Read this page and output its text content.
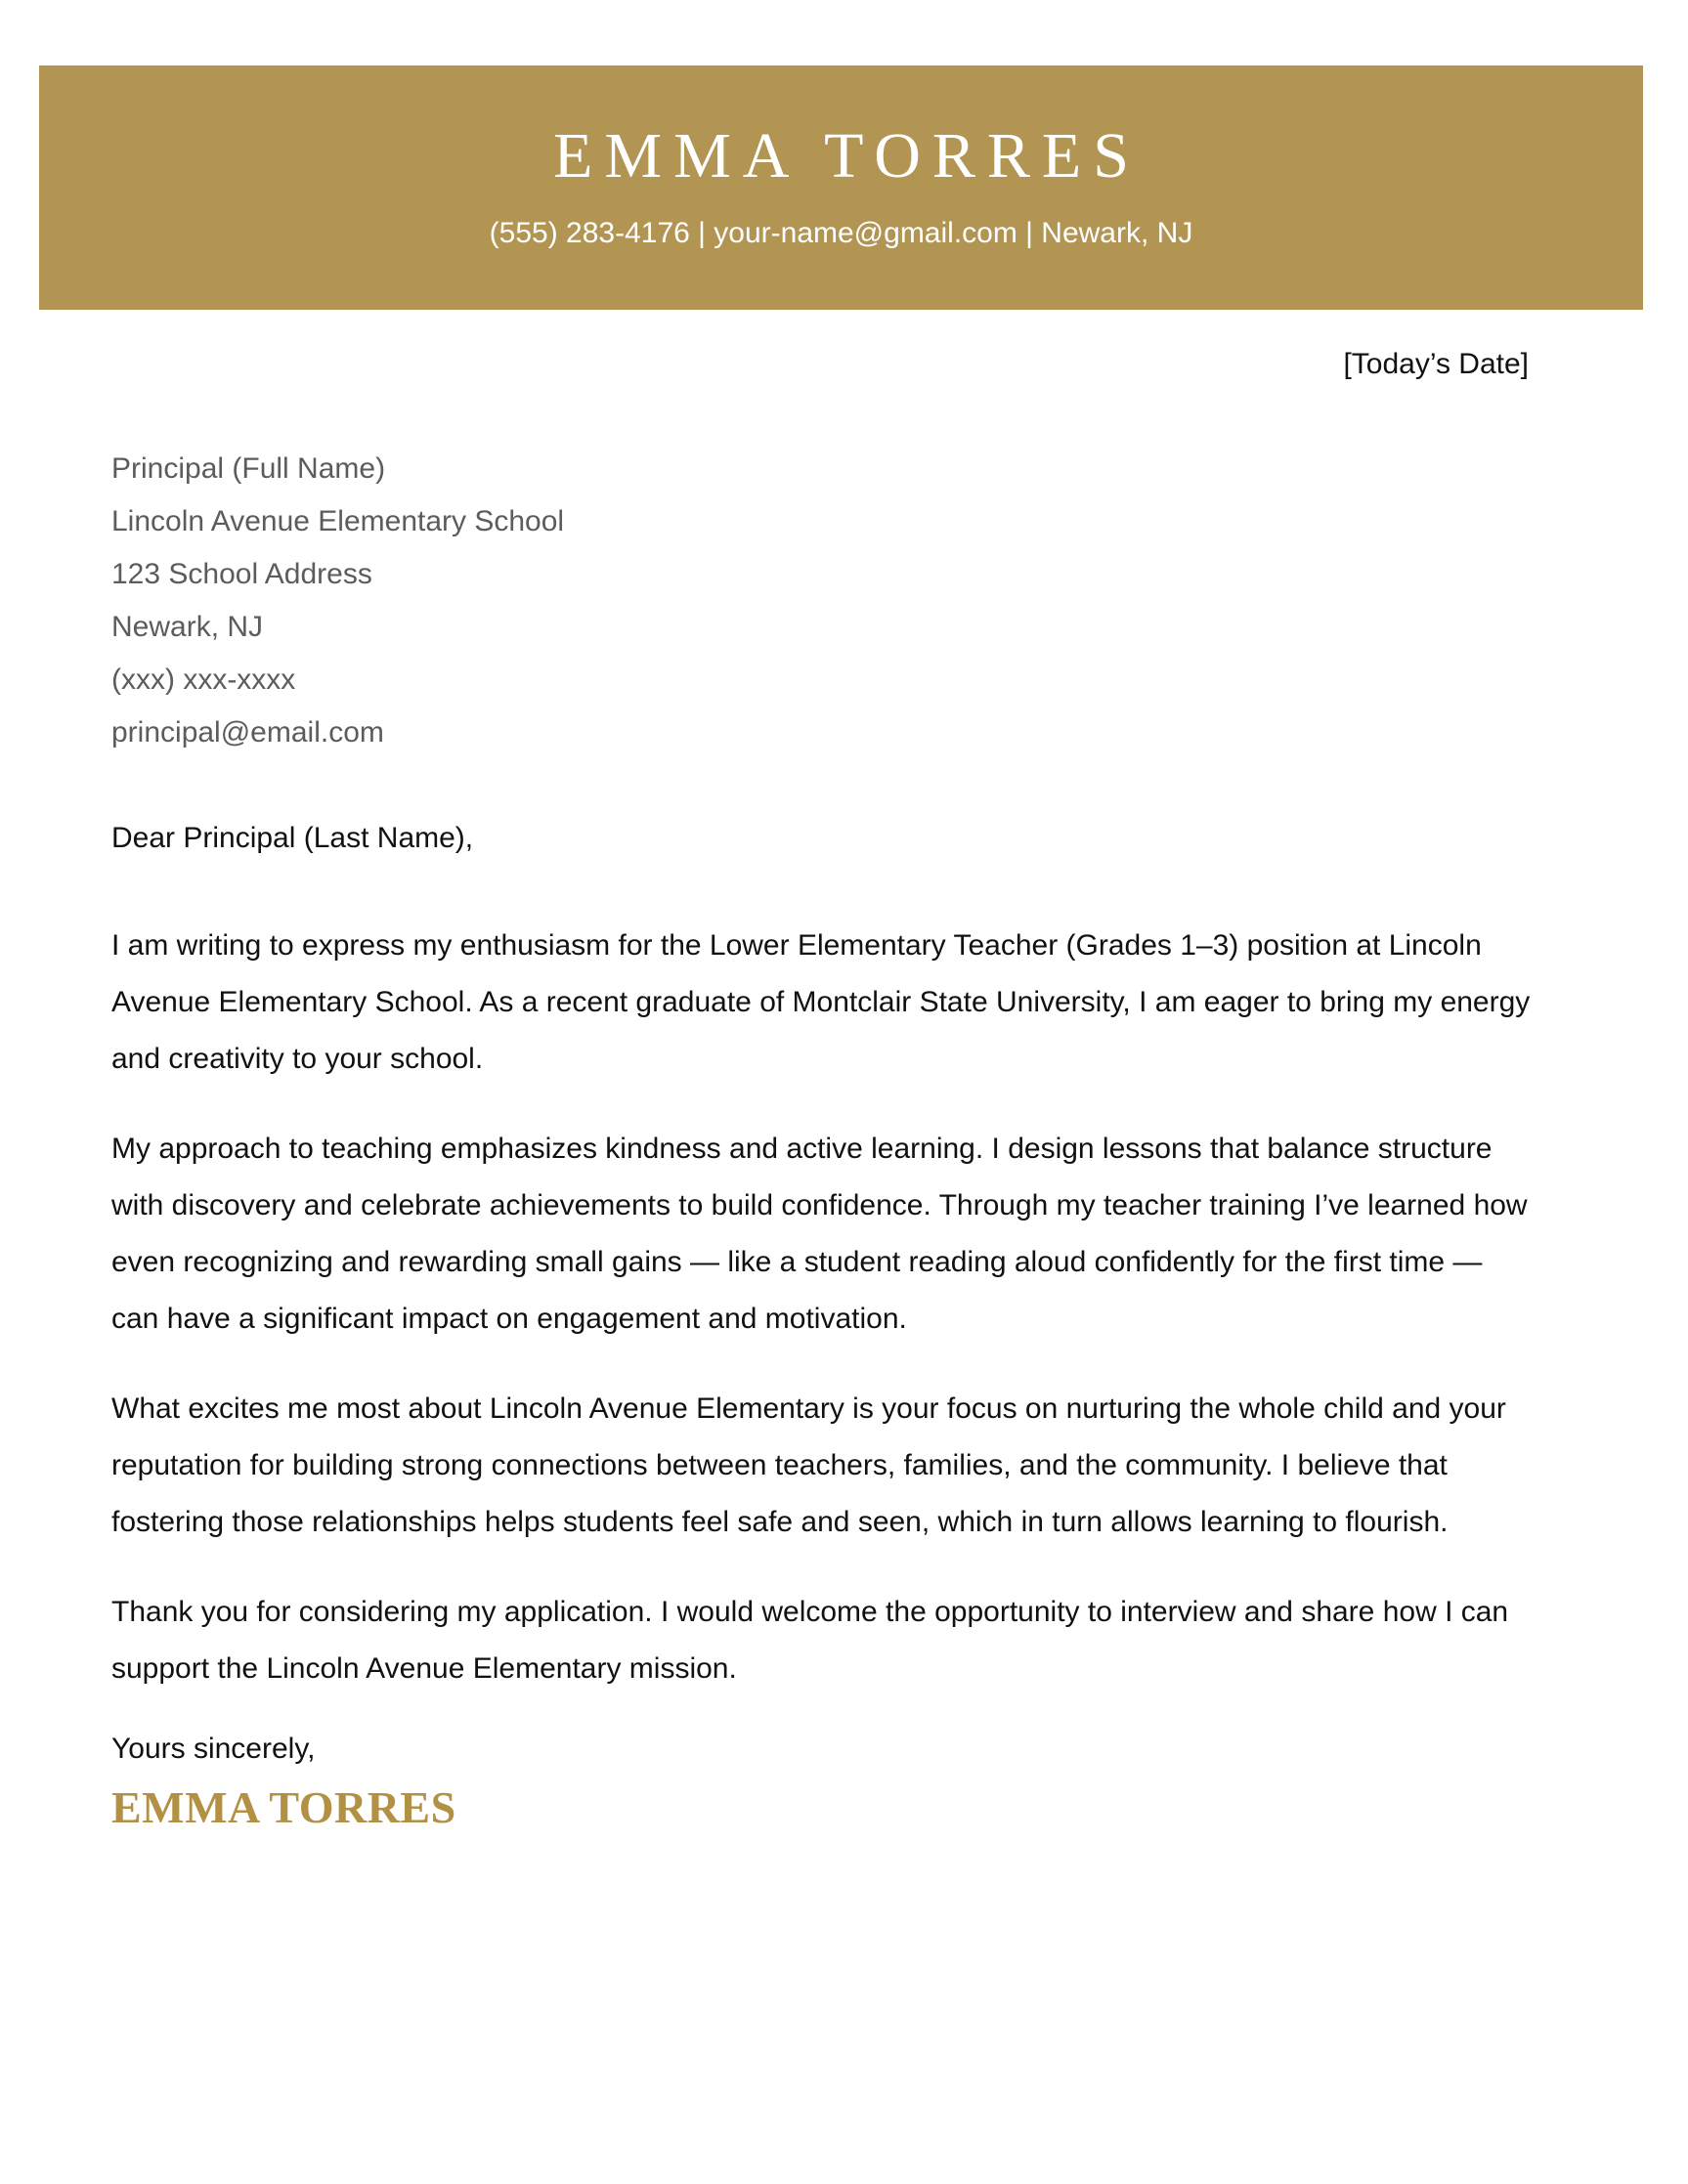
EMMA TORRES
(555) 283-4176 | your-name@gmail.com | Newark, NJ
[Today’s Date]

Principal (Full Name)

Lincoln Avenue Elementary School

123 School Address

Newark, NJ

(xxx) xxx-xxxx

principal@email.com

Dear Principal (Last Name),

I am writing to express my enthusiasm for the Lower Elementary Teacher (Grades 1–3) position at Lincoln Avenue Elementary School. As a recent graduate of Montclair State University, I am eager to bring my energy and creativity to your school.

My approach to teaching emphasizes kindness and active learning. I design lessons that balance structure with discovery and celebrate achievements to build confidence. Through my teacher training I’ve learned how even recognizing and rewarding small gains — like a student reading aloud confidently for the first time — can have a significant impact on engagement and motivation.

What excites me most about Lincoln Avenue Elementary is your focus on nurturing the whole child and your reputation for building strong connections between teachers, families, and the community. I believe that fostering those relationships helps students feel safe and seen, which in turn allows learning to flourish.

Thank you for considering my application. I would welcome the opportunity to interview and share how I can support the Lincoln Avenue Elementary mission.

Yours sincerely,

EMMA TORRES
